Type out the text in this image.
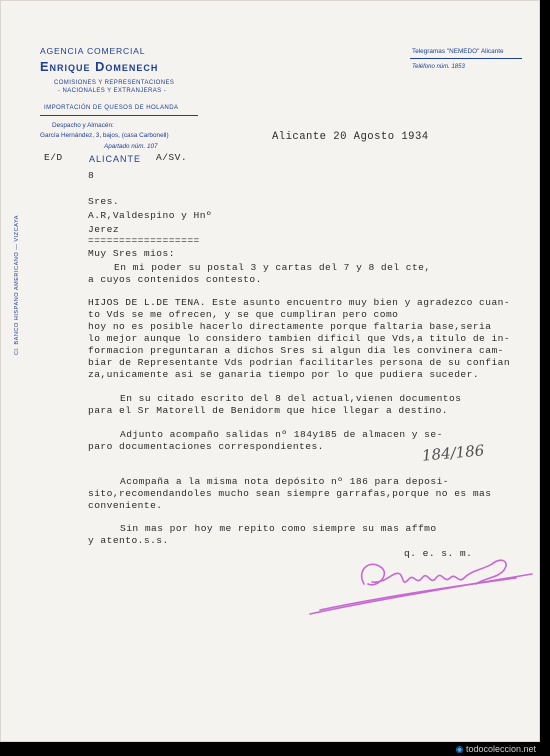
AGENCIA COMERCIAL
Enrique Domenech
COMISIONES Y REPRESENTACIONES
- NACIONALES Y EXTRANJERAS -
IMPORTACIÓN DE QUESOS DE HOLANDA
Despacho y Almacén:
García Hernández, 3, bajos, (casa Carbonell)
Apartado núm. 107
Telegramas "NEMEDO" Alicante
Teléfono núm. 1853
Cl. BANCO HISPANO AMERICANO — VIZCAYA
Alicante 20 Agosto 1934
E/D	ALICANTE A/SV.
8
Sres.
A.R,Valdespino y Hnº
Jerez
==================
Muy Sres mios:
En mi poder su postal 3 y cartas del 7 y 8 del cte,
a cuyos contenidos contesto.
HIJOS DE L.DE TENA. Este asunto encuentro muy bien y agradezco cuan-
to Vds se me ofrecen, y se que cumpliran pero como
hoy no es posible hacerlo directamente porque faltaria base,seria
lo mejor aunque lo considero tambien dificil que Vds,a titulo de in-
formacion preguntaran a dichos Sres si algun dia les convinera cam-
biar de Representante Vds podrian facilitarles persona de su confian
za,unicamente asi se ganaria tiempo por lo que pudiera suceder.
En su citado escrito del 8 del actual,vienen documentos
para el Sr Matorell de Benidorm que hice llegar a destino.
Adjunto acompaño salidas nº 184y185 de almacen y se-
paro documentaciones correspondientes.
Acompaña a la misma nota depósito nº 186 para deposi-
sito,recomendandoles mucho sean siempre garrafas,porque no es mas
conveniente.
Sin mas por hoy me repito como siempre su mas affmo
y atento.s.s.
q. e. s. m.
184/186
◉ todocoleccion.net
